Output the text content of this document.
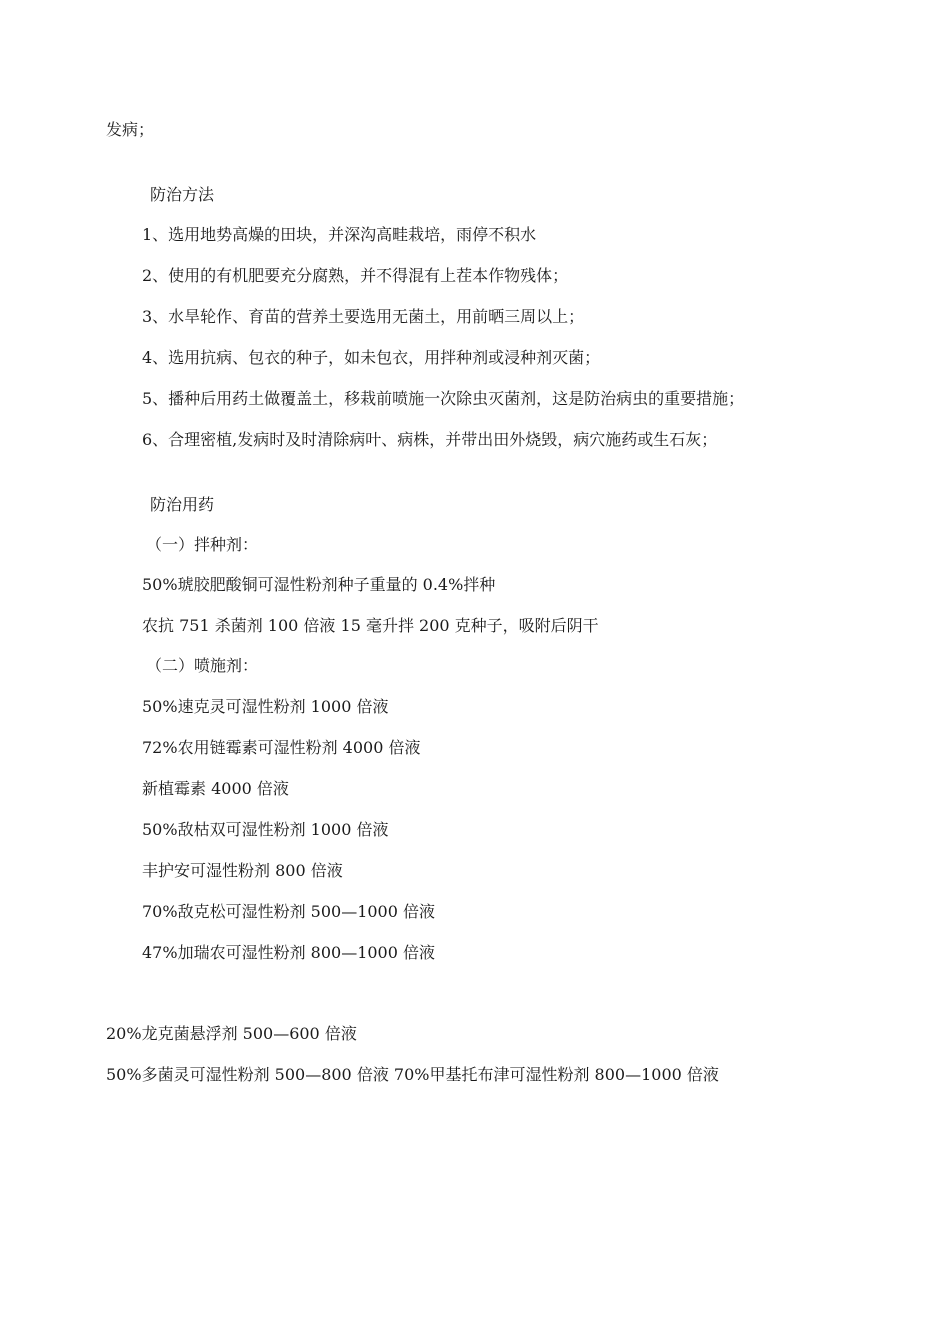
发病；
防治方法
1、选用地势高燥的田块，并深沟高畦栽培，雨停不积水
2、使用的有机肥要充分腐熟，并不得混有上茬本作物残体；
3、水旱轮作、育苗的营养土要选用无菌土，用前晒三周以上；
4、选用抗病、包衣的种子，如未包衣，用拌种剂或浸种剂灭菌；
5、播种后用药土做覆盖土，移栽前喷施一次除虫灭菌剂，这是防治病虫的重要措施；
6、合理密植,发病时及时清除病叶、病株，并带出田外烧毁，病穴施药或生石灰；
防治用药
（一）拌种剂：
50%琥胶肥酸铜可湿性粉剂种子重量的 0.4%拌种
农抗 751 杀菌剂 100 倍液 15 毫升拌 200 克种子，吸附后阴干
（二）喷施剂：
50%速克灵可湿性粉剂 1000 倍液
72%农用链霉素可湿性粉剂 4000 倍液
新植霉素 4000 倍液
50%敌枯双可湿性粉剂 1000 倍液
丰护安可湿性粉剂 800 倍液
70%敌克松可湿性粉剂 500—1000 倍液
47%加瑞农可湿性粉剂 800—1000 倍液
20%龙克菌悬浮剂 500—600 倍液
50%多菌灵可湿性粉剂 500—800 倍液 70%甲基托布津可湿性粉剂 800—1000 倍液
